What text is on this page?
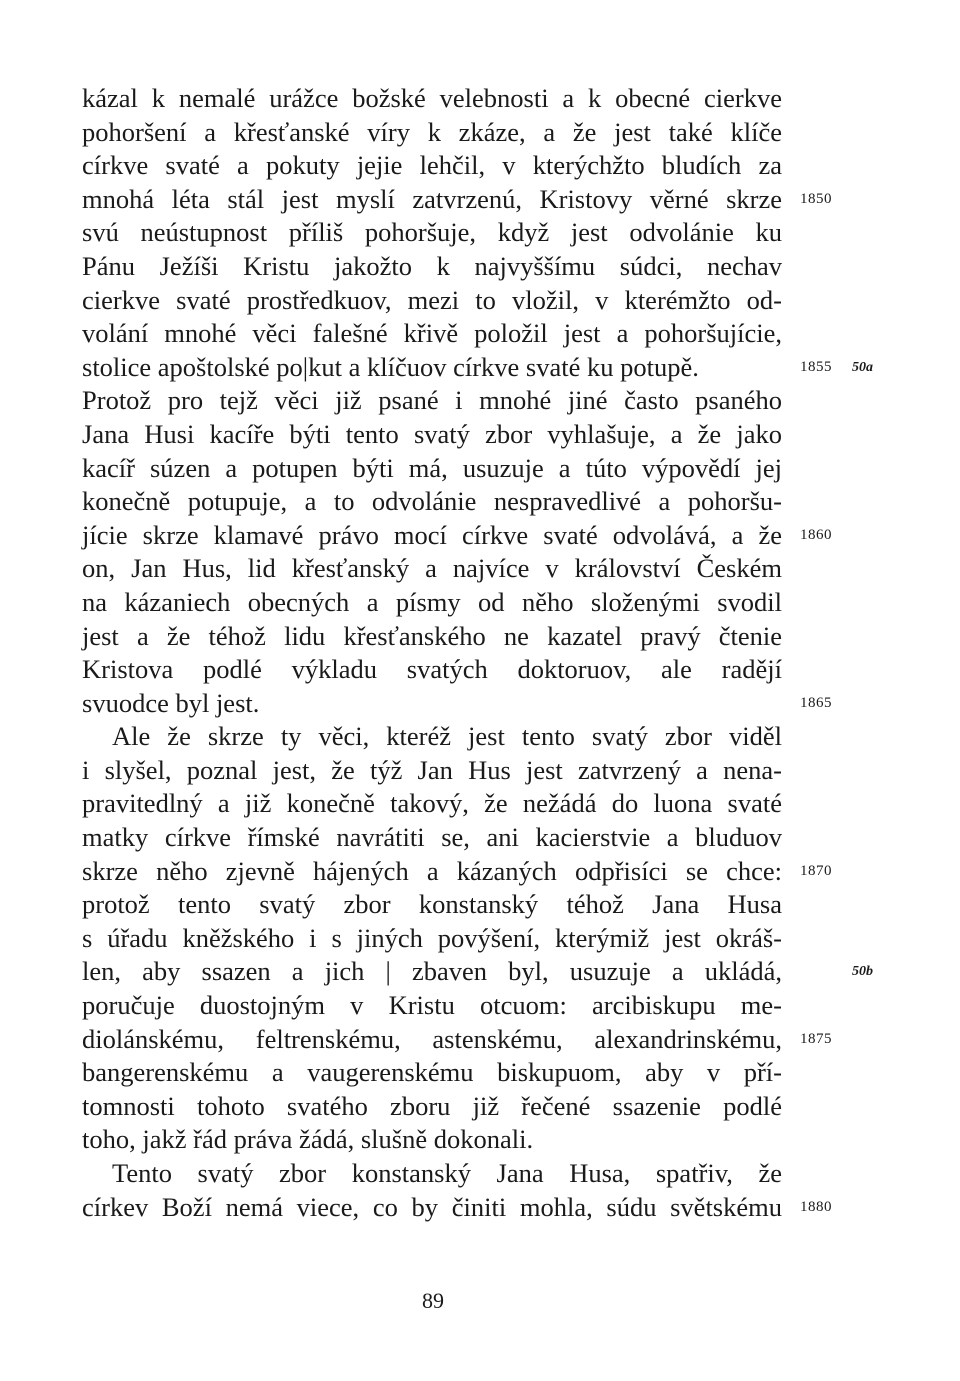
kázal k nemalé urážce božské velebnosti a k obecné cierkve
pohoršení a křesťanské víry k zkáze, a že jest také klíče
církve svaté a pokuty jejie lehčil, v kterýchžto bludích za
mnohá léta stál jest myslí zatvrzenú, Kristovy věrné skrze 1850
svú neústupnost příliš pohoršuje, když jest odvolánie ku
Pánu Ježíši Kristu jakožto k najvyššímu súdci, nechav
cierkve svaté prostředkuov, mezi to vložil, v kterémžto od-
volání mnohé věci falešné křivě položil jest a pohoršujície,
stolice apoštolské po|kut a klíčuov církve svaté ku potupě.	1855 50a
Protož pro tejž věci již psané i mnohé jiné často psaného
Jana Husi kacíře býti tento svatý zbor vyhlašuje, a že jako
kacíř súzen a potupen býti má, usuzuje a túto výpovědí jej
konečně potupuje, a to odvolánie nespravedlivé a pohoršu-
jície skrze klamavé právo mocí církve svaté odvolává, a že 1860
on, Jan Hus, lid křesťanský a najvíce v království Českém
na kázaniech obecných a písmy od něho složenými svodil
jest a že téhož lidu křesťanského ne kazatel pravý čtenie
Kristova podlé výkladu svatých doktoruov, ale radějí
svuodce byl jest.	1865
Ale že skrze ty věci, kteréž jest tento svatý zbor viděl
i slyšel, poznal jest, že týž Jan Hus jest zatvrzený a nena-
pravitedlný a již konečně takový, že nežádá do luona svaté
matky církve římské navrátiti se, ani kacierstvie a bluduov
skrze něho zjevně hájených a kázaných odpřisíci se chce: 1870
protož tento svatý zbor konstanský téhož Jana Husa
s úřadu kněžského i s jiných povýšení, kterýmiž jest okráš-
len, aby ssazen a jich | zbaven byl, usuzuje a ukládá,	50b
poručuje duostojným v Kristu otcuom: arcibiskupu me-
diolánskému, feltrenskému, astenskému, alexandrinskému, 1875
bangerenskému a vaugerenskému biskupuom, aby v pří-
tomnosti tohoto svatého zboru již řečené ssazenie podlé
toho, jakž řád práva žádá, slušně dokonali.
Tento svatý zbor konstanský Jana Husa, spatřiv, že
církev Boží nemá viece, co by činiti mohla, súdu světskému 1880
89
